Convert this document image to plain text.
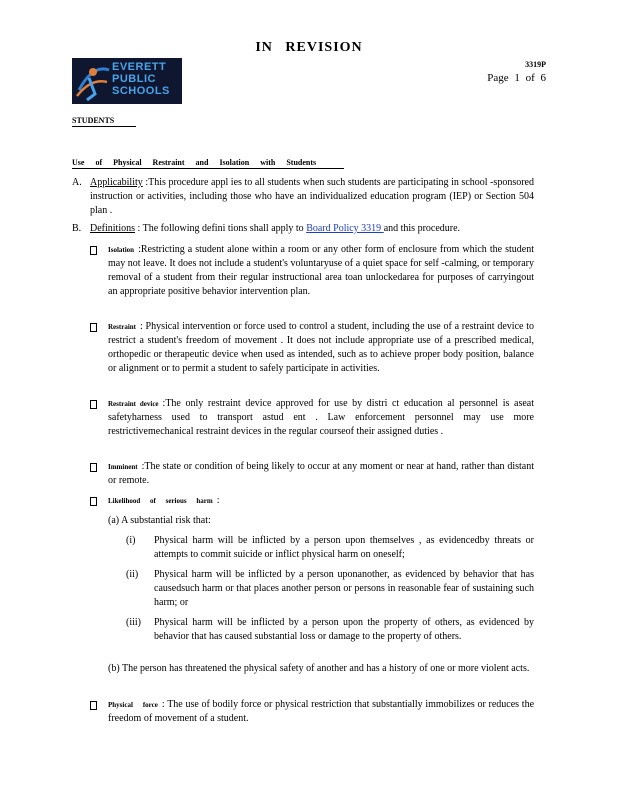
IN REVISION
EVERETT
PUBLIC
SCHOOLS
3319P
Page 1 of 6
STUDENTS
Use of Physical Restraint and Isolation with Students
A. Applicability :This procedure appl ies to all students when such students are participating in school -sponsored instruction or activities, including those who have an individualized education program (IEP) or Section 504 plan .
B. Definitions : The following defini tions shall apply to Board Policy 3319 and this procedure.
Isolation :Restricting a student alone within a room or any other form of enclosure from which the student may not leave. It does not include a student's voluntaryuse of a quiet space for self -calming, or temporary removal of a student from their regular instructional area toan unlockedarea for purposes of carryingout an appropriate positive behavior intervention plan.
Restraint : Physical intervention or force used to control a student, including the use of a restraint device to restrict a student's freedom of movement . It does not include appropriate use of a prescribed medical, orthopedic or therapeutic device when used as intended, such as to achieve proper body position, balance or alignment or to permit a student to safely participate in activities.
Restraint device :The only restraint device approved for use by distri ct education al personnel is aseat safetyharness used to transport astud ent . Law enforcement personnel may use more restrictivemechanical restraint devices in the regular courseof their assigned duties .
Imminent :The state or condition of being likely to occur at any moment or near at hand, rather than distant or remote.
Likelihood of serious harm :
(a) A substantial risk that:
(i) Physical harm will be inflicted by a person upon themselves , as evidencedby threats or attempts to commit suicide or inflict physical harm on oneself;
(ii) Physical harm will be inflicted by a person uponanother, as evidenced by behavior that has causedsuch harm or that places another person or persons in reasonable fear of sustaining such harm; or
(iii) Physical harm will be inflicted by a person upon the property of others, as evidenced by behavior that has caused substantial loss or damage to the property of others.
(b) The person has threatened the physical safety of another and has a history of one or more violent acts.
Physical force : The use of bodily force or physical restriction that substantially immobilizes or reduces the freedom of movement of a student.
